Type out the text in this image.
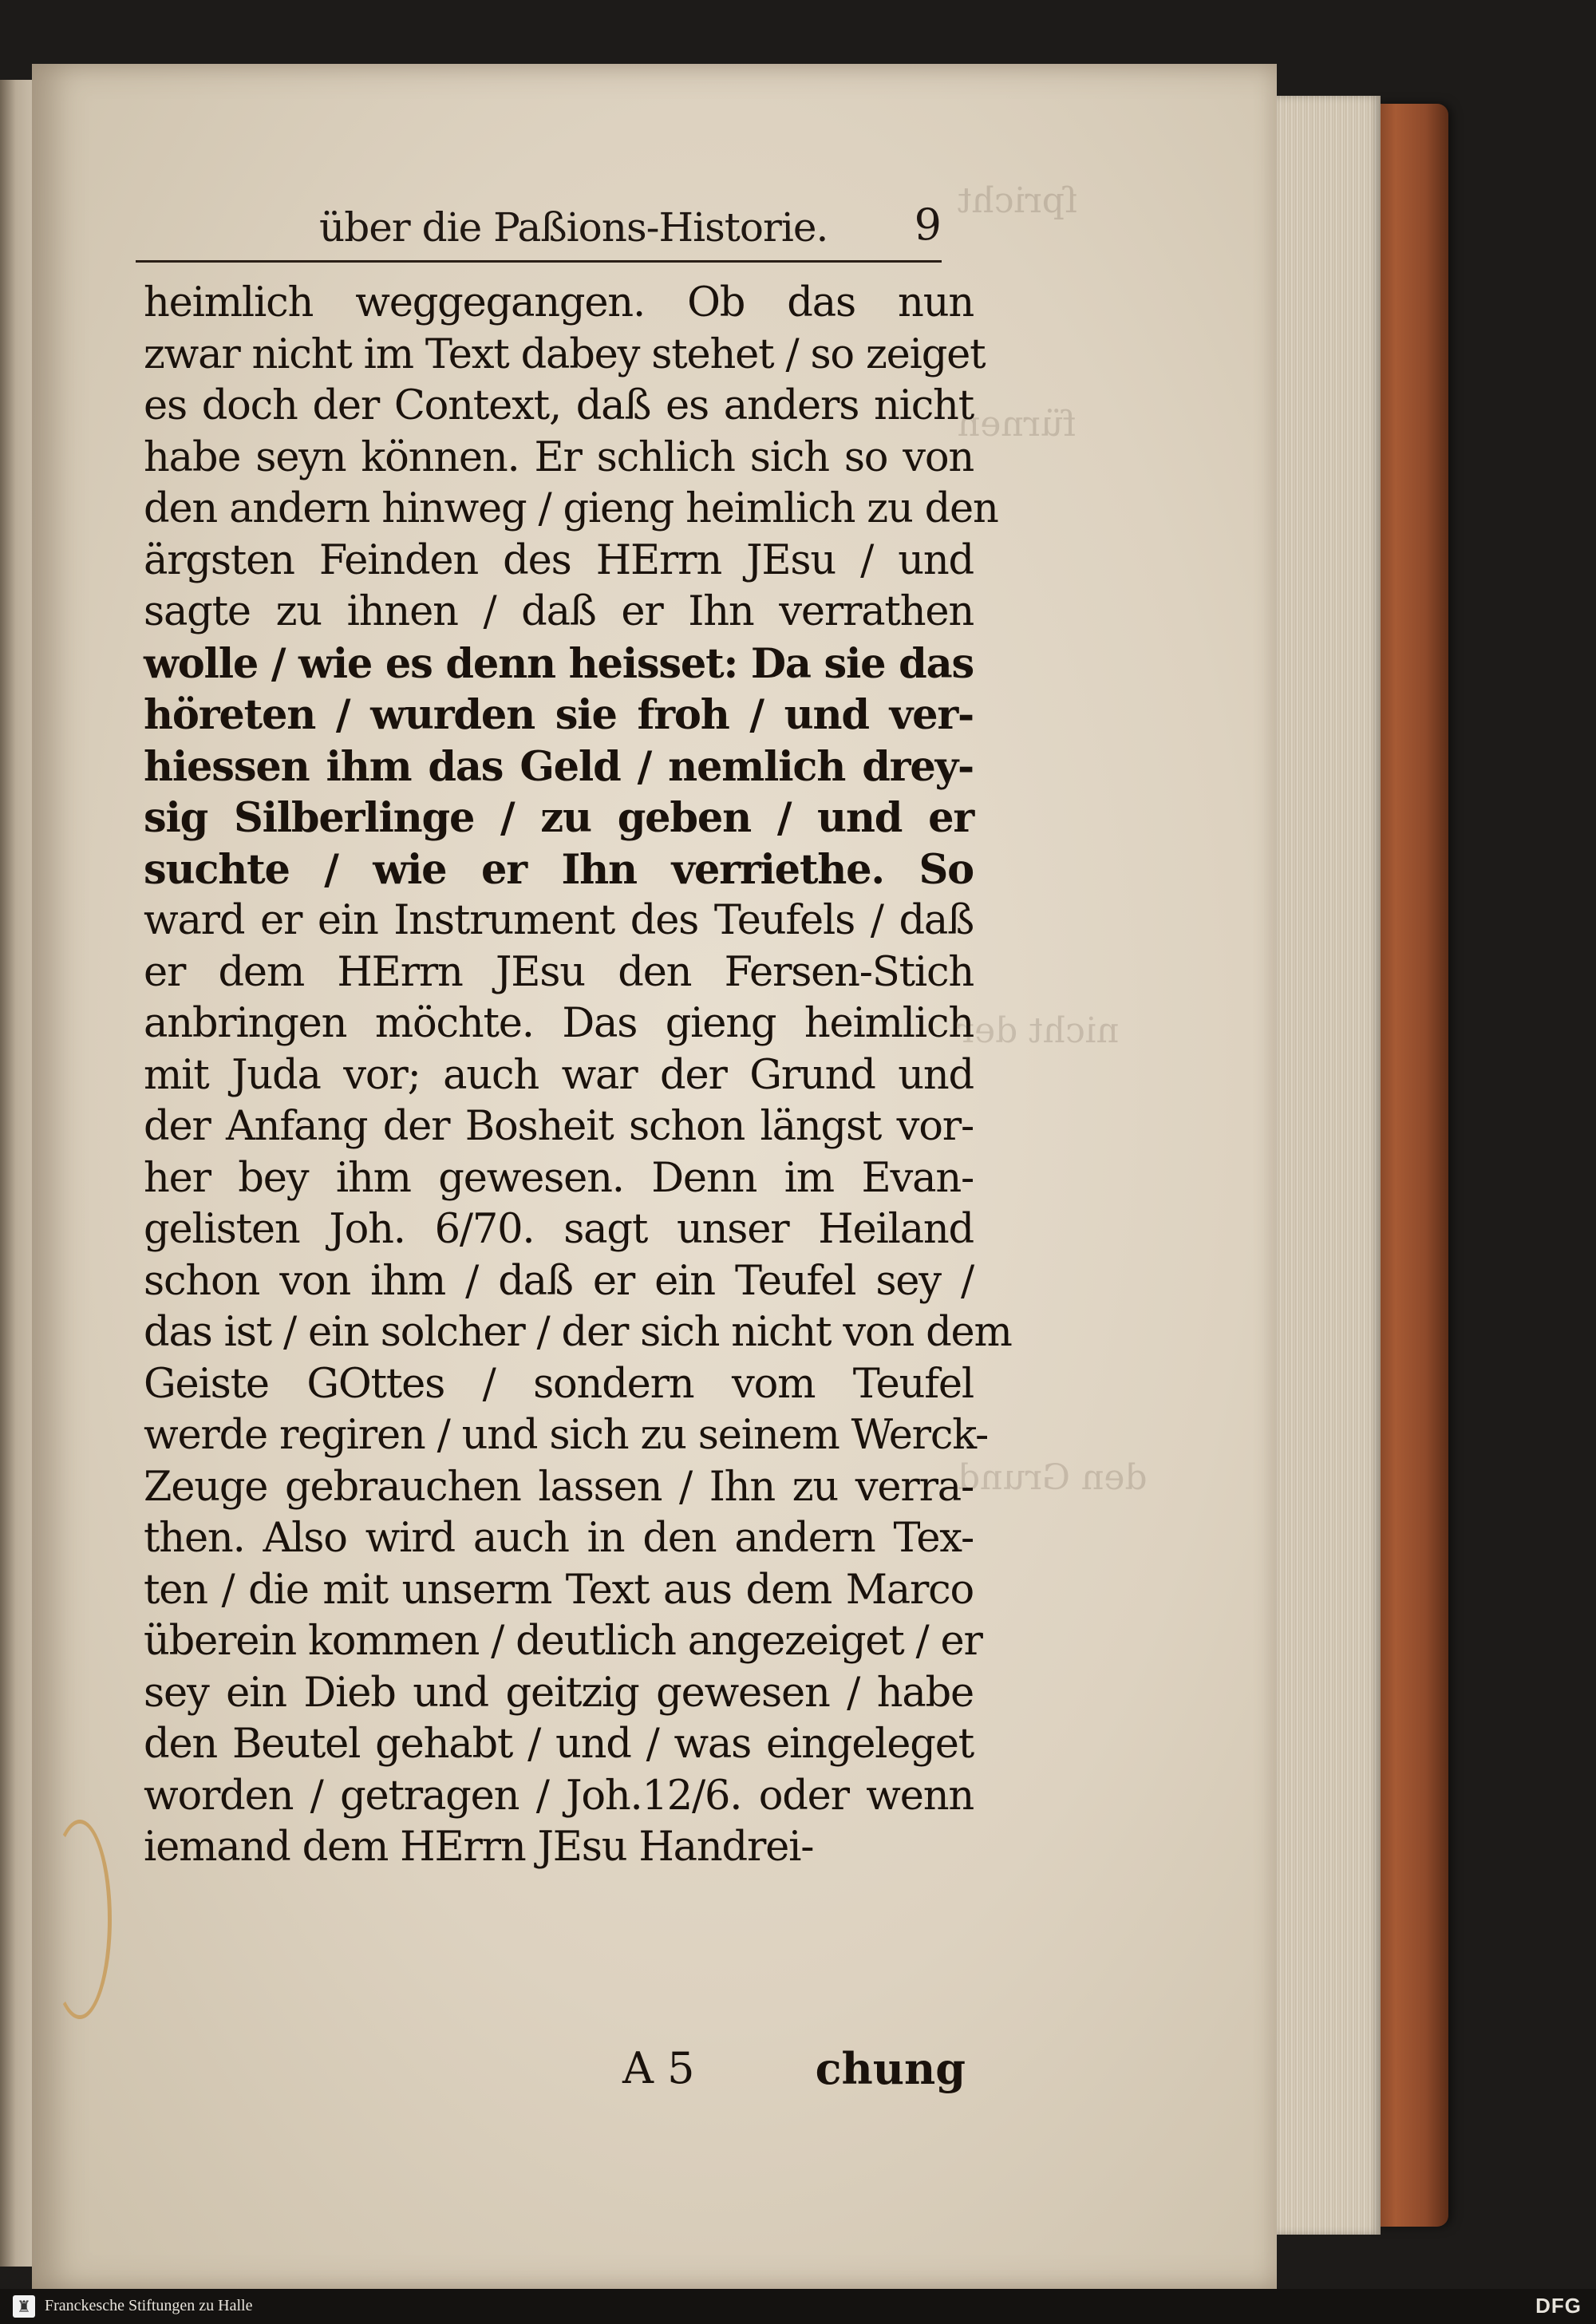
ſpricht
fürnen
nicht der
den Grund
über die Paßions-Historie. 9
heimlich weggegangen. Ob das nun
zwar nicht im Text dabey stehet / so zeiget
es doch der Context, daß es anders nicht
habe seyn können. Er schlich sich so von
den andern hinweg / gieng heimlich zu den
ärgsten Feinden des HErrn JEsu / und
sagte zu ihnen / daß er Ihn verrathen
wolle / wie es denn heisset: Da sie das
höreten / wurden sie froh / und ver-
hiessen ihm das Geld / nemlich drey-
sig Silberlinge / zu geben / und er
suchte / wie er Ihn verriethe. So
ward er ein Instrument des Teufels / daß
er dem HErrn JEsu den Fersen-Stich
anbringen möchte. Das gieng heimlich
mit Juda vor; auch war der Grund und
der Anfang der Bosheit schon längst vor-
her bey ihm gewesen. Denn im Evan-
gelisten Joh. 6/70. sagt unser Heiland
schon von ihm / daß er ein Teufel sey /
das ist / ein solcher / der sich nicht von dem
Geiste GOttes / sondern vom Teufel
werde regiren / und sich zu seinem Werck-
Zeuge gebrauchen lassen / Ihn zu verra-
then. Also wird auch in den andern Tex-
ten / die mit unserm Text aus dem Marco
überein kommen / deutlich angezeiget / er
sey ein Dieb und geitzig gewesen / habe
den Beutel gehabt / und / was eingeleget
worden / getragen / Joh.12/6. oder wenn
iemand dem HErrn JEsu Handrei-
A 5	chung
♜ Franckesche Stiftungen zu Halle	DFG
